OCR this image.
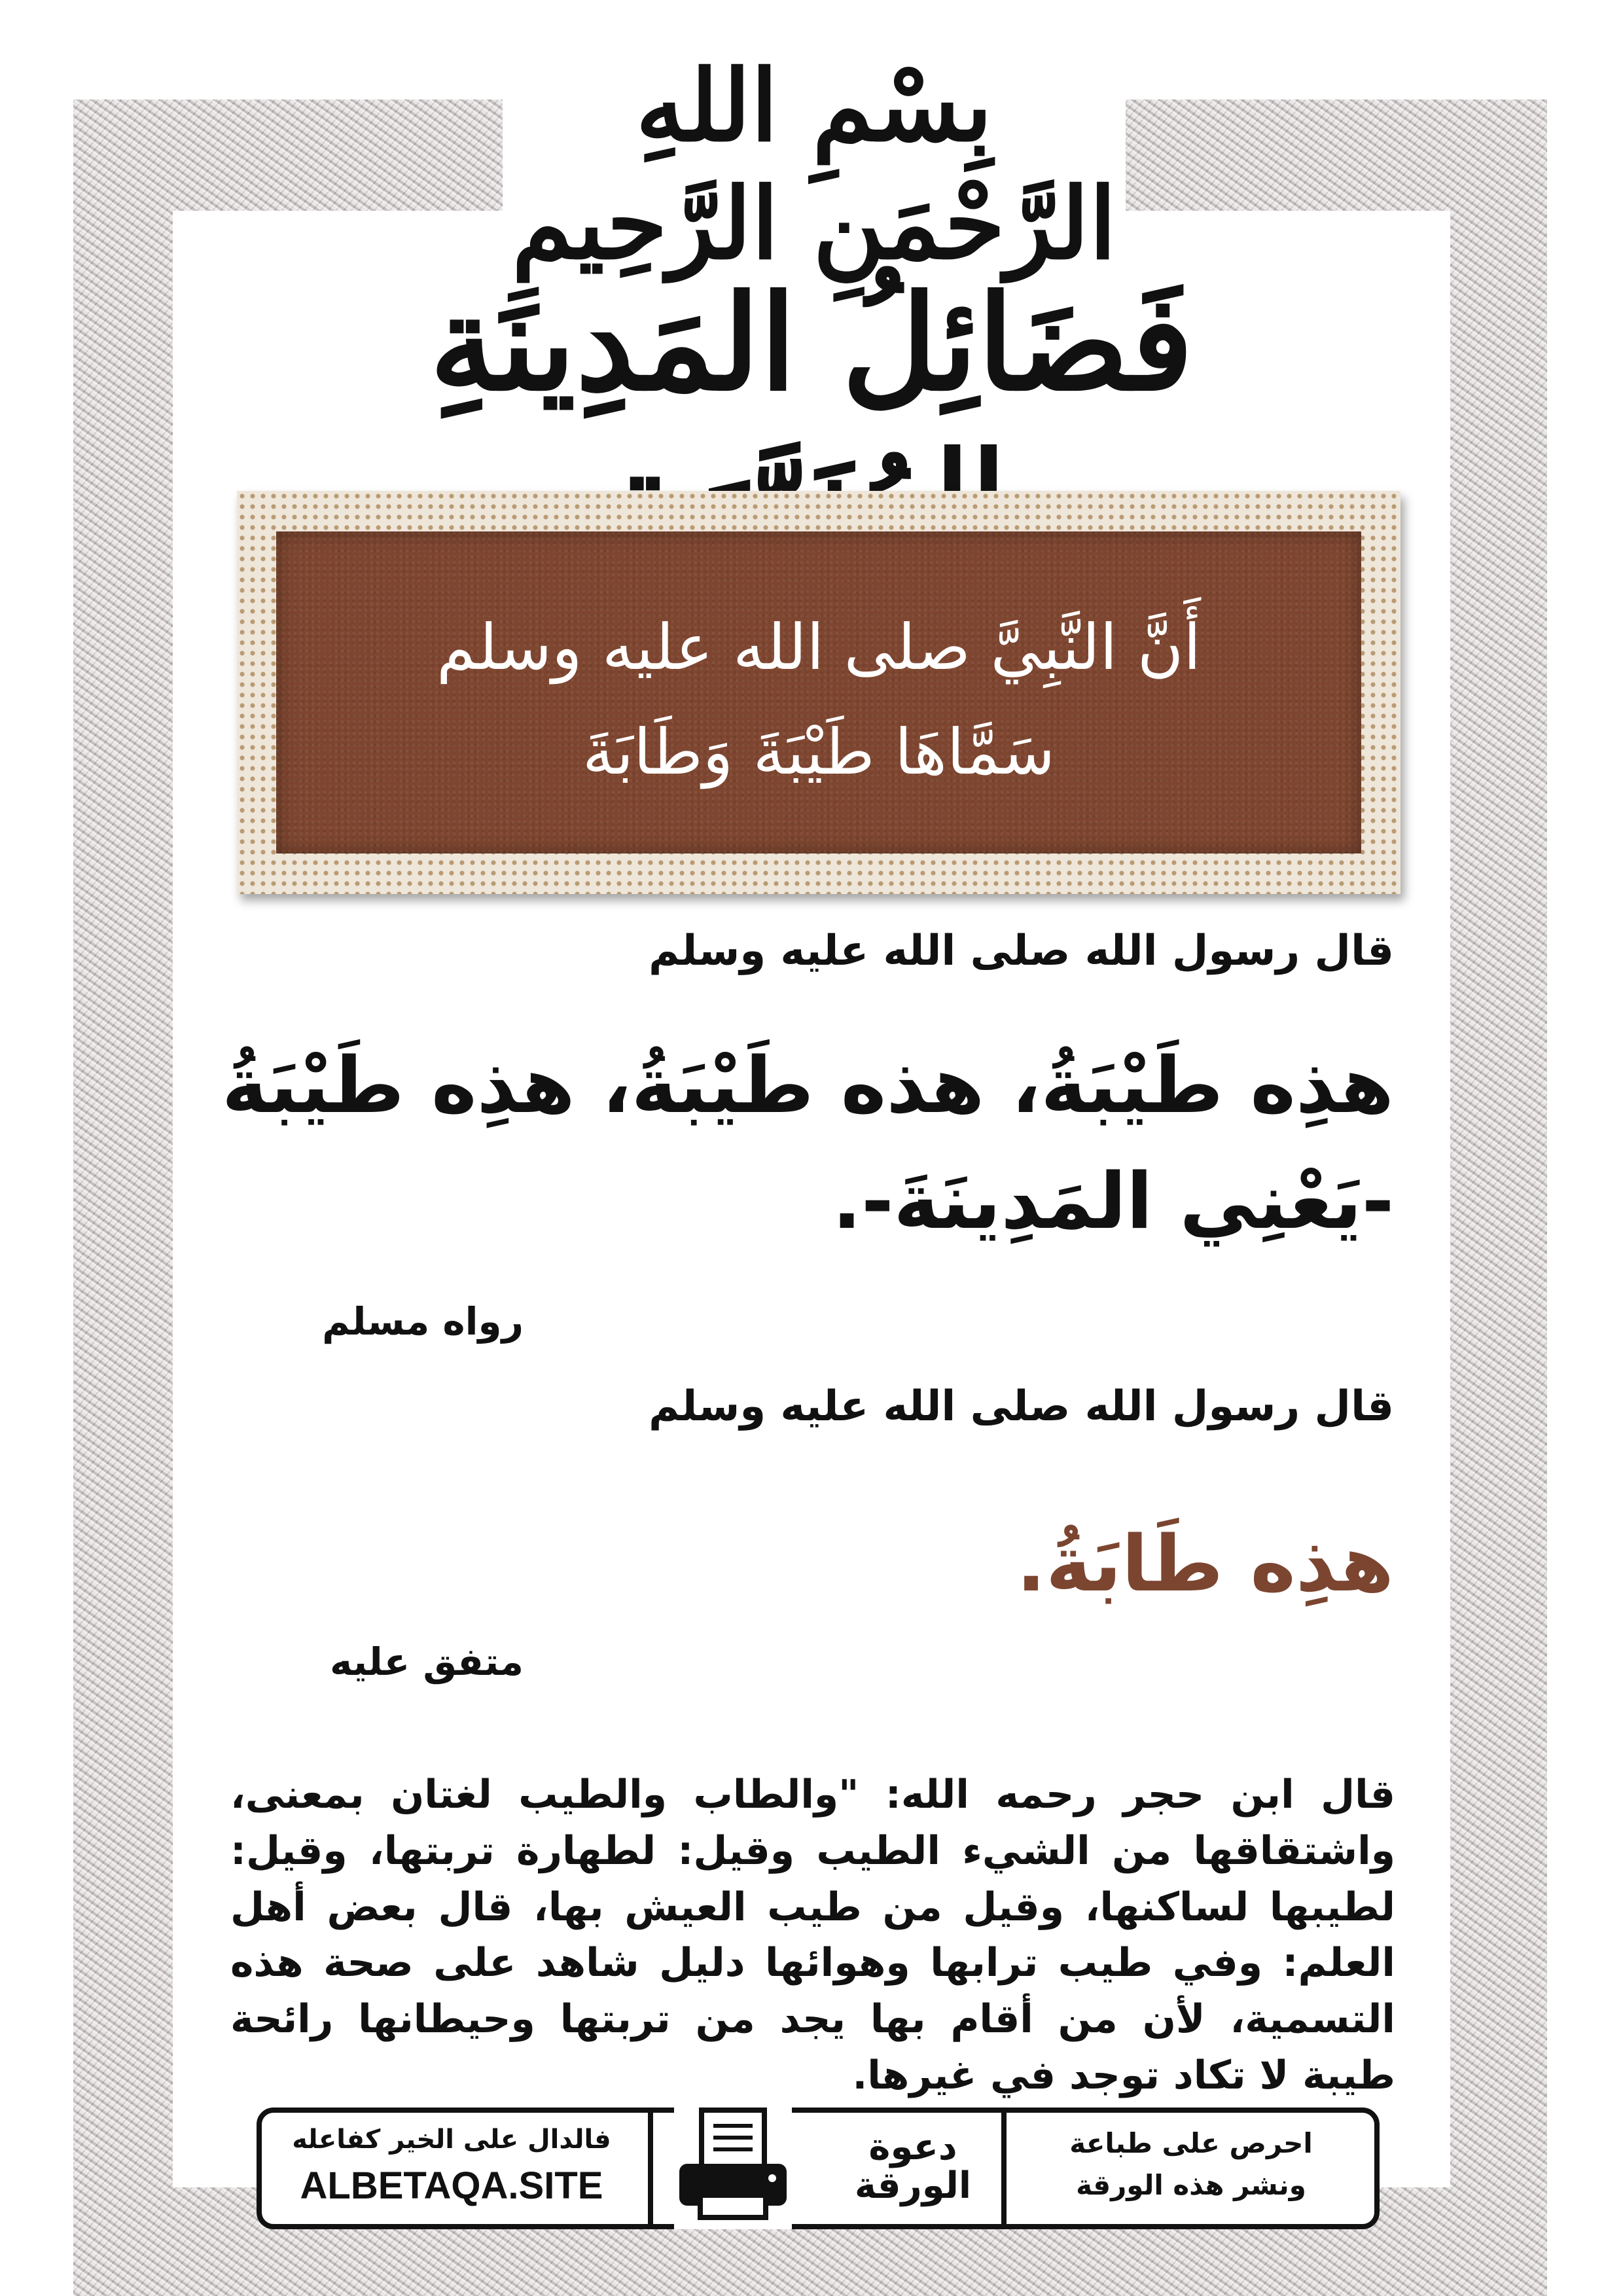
بِسْمِ اللهِ الرَّحْمَنِ الرَّحِيمِ
فَضَائِلُ المَدِينَةِ
أَنَّ النَّبِيَّ صلى الله عليه وسلم
سَمَّاهَا طَيْبَةَ وَطَابَةَ
قال رسول الله صلى الله عليه وسلم
هذِه طَيْبَةُ، هذه طَيْبَةُ، هذِه طَيْبَةُ -يَعْنِي المَدِينَةَ-.
رواه مسلم
قال رسول الله صلى الله عليه وسلم
هذِه طَابَةُ.
متفق عليه
قال ابن حجر رحمه الله: "والطاب والطيب لغتان بمعنى، واشتقاقها من الشيء الطيب وقيل: لطهارة تربتها، وقيل: لطيبها لساكنها، وقيل من طيب العيش بها، قال بعض أهل العلم: وفي طيب ترابها وهوائها دليل شاهد على صحة هذه التسمية، لأن من أقام بها يجد من تربتها وحيطانها رائحة طيبة لا تكاد توجد في غيرها.
فالدال على الخير كفاعله
ALBETAQA.SITE
دعوة
الورقة
احرص على طباعة
ونشر هذه الورقة
